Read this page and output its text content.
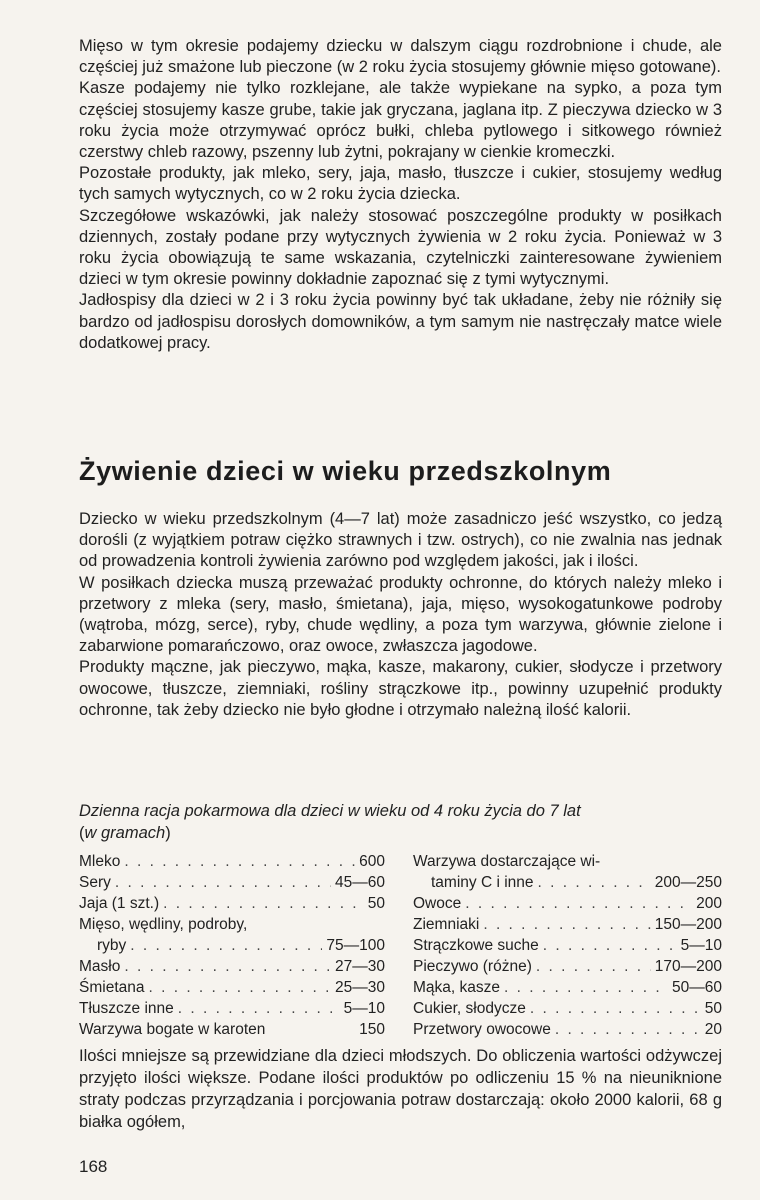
Mięso w tym okresie podajemy dziecku w dalszym ciągu rozdrobnione i chude, ale częściej już smażone lub pieczone (w 2 roku życia stosujemy głównie mięso gotowane).

Kasze podajemy nie tylko rozklejane, ale także wypiekane na sypko, a poza tym częściej stosujemy kasze grube, takie jak gryczana, jaglana itp. Z pieczywa dziecko w 3 roku życia może otrzymywać oprócz bułki, chleba pytlowego i sitkowego również czerstwy chleb razowy, pszenny lub żytni, pokrajany w cienkie kromeczki.

Pozostałe produkty, jak mleko, sery, jaja, masło, tłuszcze i cukier, stosujemy według tych samych wytycznych, co w 2 roku życia dziecka.

Szczegółowe wskazówki, jak należy stosować poszczególne produkty w posiłkach dziennych, zostały podane przy wytycznych żywienia w 2 roku życia. Ponieważ w 3 roku życia obowiązują te same wskazania, czytelniczki zainteresowane żywieniem dzieci w tym okresie powinny dokładnie zapoznać się z tymi wytycznymi.

Jadłospisy dla dzieci w 2 i 3 roku życia powinny być tak układane, żeby nie różniły się bardzo od jadłospisu dorosłych domowników, a tym samym nie nastręczały matce wiele dodatkowej pracy.

Żywienie dzieci w wieku przedszkolnym

Dziecko w wieku przedszkolnym (4—7 lat) może zasadniczo jeść wszystko, co jedzą dorośli (z wyjątkiem potraw ciężko strawnych i tzw. ostrych), co nie zwalnia nas jednak od prowadzenia kontroli żywienia zarówno pod względem jakości, jak i ilości.

W posiłkach dziecka muszą przeważać produkty ochronne, do których należy mleko i przetwory z mleka (sery, masło, śmietana), jaja, mięso, wysokogatunkowe podroby (wątroba, mózg, serce), ryby, chude wędliny, a poza tym warzywa, głównie zielone i zabarwione pomarańczowo, oraz owoce, zwłaszcza jagodowe.

Produkty mączne, jak pieczywo, mąka, kasze, makarony, cukier, słodycze i przetwory owocowe, tłuszcze, ziemniaki, rośliny strączkowe itp., powinny uzupełnić produkty ochronne, tak żeby dziecko nie było głodne i otrzymało należną ilość kalorii.

Dzienna racja pokarmowa dla dzieci w wieku od 4 roku życia do 7 lat
(w gramach)

Mleko . . .	600
Sery . . .	45—60
Jaja (1 szt.) . . .	50
Mięso, wędliny, podroby,
ryby . . .	75—100
Masło . . .	27—30
Śmietana . . .	25—30
Tłuszcze inne . . .	5—10
Warzywa bogate w karoten	150
Warzywa dostarczające wi-
taminy C i inne . . .	200—250
Owoce . . .	200
Ziemniaki . . .	150—200
Strączkowe suche . . .	5—10
Pieczywo (różne) . . .	170—200
Mąka, kasze . . .	50—60
Cukier, słodycze . . .	50
Przetwory owocowe . . .	20

Ilości mniejsze są przewidziane dla dzieci młodszych. Do obliczenia wartości odżywczej przyjęto ilości większe. Podane ilości produktów po odliczeniu 15 % na nieuniknione straty podczas przyrządzania i porcjowania potraw dostarczają: około 2000 kalorii, 68 g białka ogółem,

168
